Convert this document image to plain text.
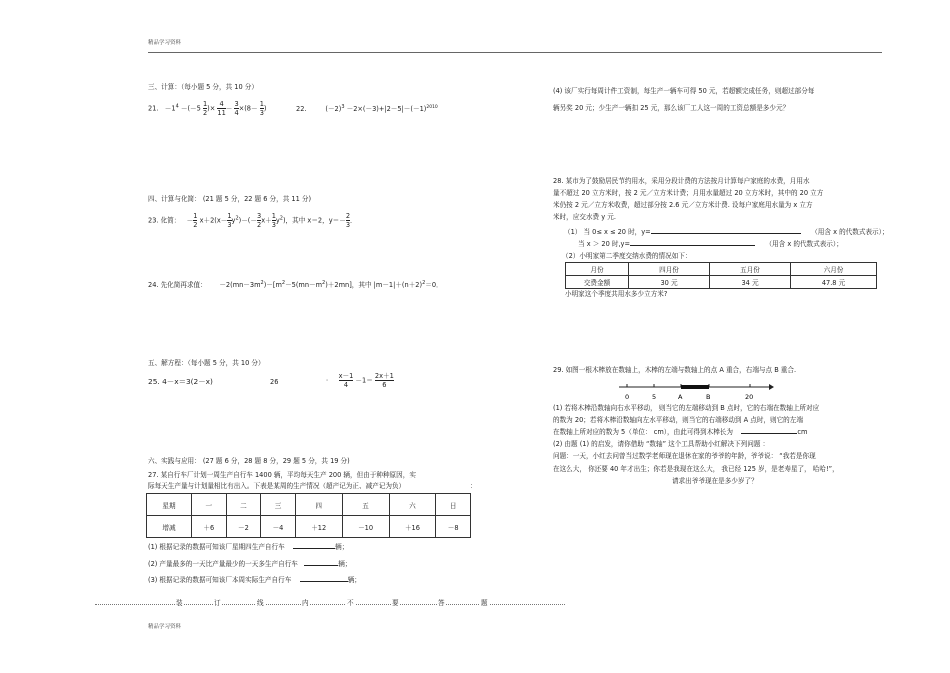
精品学习资料
三、计算：（每小题 5 分，共 10 分）
21. $-1^4 -(-5 \frac{1}{2}$ )× $\frac{4}{11} - \frac{3}{4} \times(8- \frac{1}{3}$ )	22.	$(-2)^3 -2\times(-3)+|2-5|-(-1)^{2010}$
四、计算与化简： (21 题 5 分，22 题 6 分，共 11 分)
23. 化简： － $\frac{1}{2} x+2(x- \frac{1}{3} y^2)-(- \frac{3}{2} x+ \frac{1}{3} y^2)$，其中 x＝2，$y=- \frac{2}{3}$ ．
24. 先化简再求值： $-2(mn-3m^2)-[m^2-5(mn-m^2)+2mn]$，其中 $|m-1|+(n+2)^2=0$．
五、解方程：（每小题 5 分，共 10 分）
25. 4－x＝3(2－x)	26	· $\frac{x-1}{4} -1= \frac{2x+1}{6}$
六、实践与应用： (27 题 6 分，28 题 8 分，29 题 5 分，共 19 分)
27. 某自行车厂计划一周生产自行车 1400 辆，平均每天生产 200 辆，但由于种种原因，实
际每天生产量与计划量相比有出入。下表是某周的生产情况（超产记为正、减产记为负）	：
星期	一	二	三	四	五	六	日
增减	＋6	－2	－4	＋12	－10	＋16	－8
(1) 根据记录的数据可知该厂星期四生产自行车	辆；
(2) 产量最多的一天比产量最少的一天多生产自行车	辆；
(3) 根据记录的数据可知该厂本周实际生产自行车	辆；
装	订	线	内	不	要	答	题
精品学习资料
(4) 该厂实行每周计件工资制，每生产一辆车可得 50 元，若超额完成任务，则超过部分每
辆另奖 20 元；少生产一辆扣 25 元，那么该厂工人这一周的工资总额是多少元？
28. 某市为了鼓励居民节约用水，采用分段计费的方法按月计算每户家庭的水费，月用水
量不超过 20 立方米时，按 2 元／立方米计费；月用水量超过 20 立方米时，其中的 20 立方
米仍按 2 元／立方米收费，超过部分按 2.6 元／立方米计费. 设每户家庭用水量为 x 立方
米时，应交水费 y 元.
（1） 当 0≤ x ≤ 20 时，y=	（用含 x 的代数式表示）；
当 x ＞ 20 时,y=	（用含 x 的代数式表示）；
（2）小明家第二季度交纳水费的情况如下：
月份	四月份	五月份	六月份
交费金额	30 元	34 元	47.8 元
小明家这个季度共用水多少立方米?
29. 如图一根木棒放在数轴上，木棒的左端与数轴上的点 A 重合，右端与点 B 重合.
0	5	A	B	20
(1) 若将木棒沿数轴向右水平移动， 则当它的左端移动到 B 点时，它的右端在数轴上所对应
的数为 20；若将木棒沿数轴向左水平移动，则当它的右端移动到 A 点时，则它的左端
在数轴上所对应的数为 5（单位： cm），由此可得到木棒长为	cm
(2) 由题 (1) 的启发，请你借助 “数轴” 这个工具帮助小红解决下列问题 ：
问题：一天，小红去问曾当过数学老师现在退休在家的爷爷的年龄，爷爷说： “我若是你现
在这么大， 你还要 40 年才出生；你若是我现在这么大， 我已经 125 岁，是老寿星了， 哈哈!”，
请求出爷爷现在是多少岁了？
